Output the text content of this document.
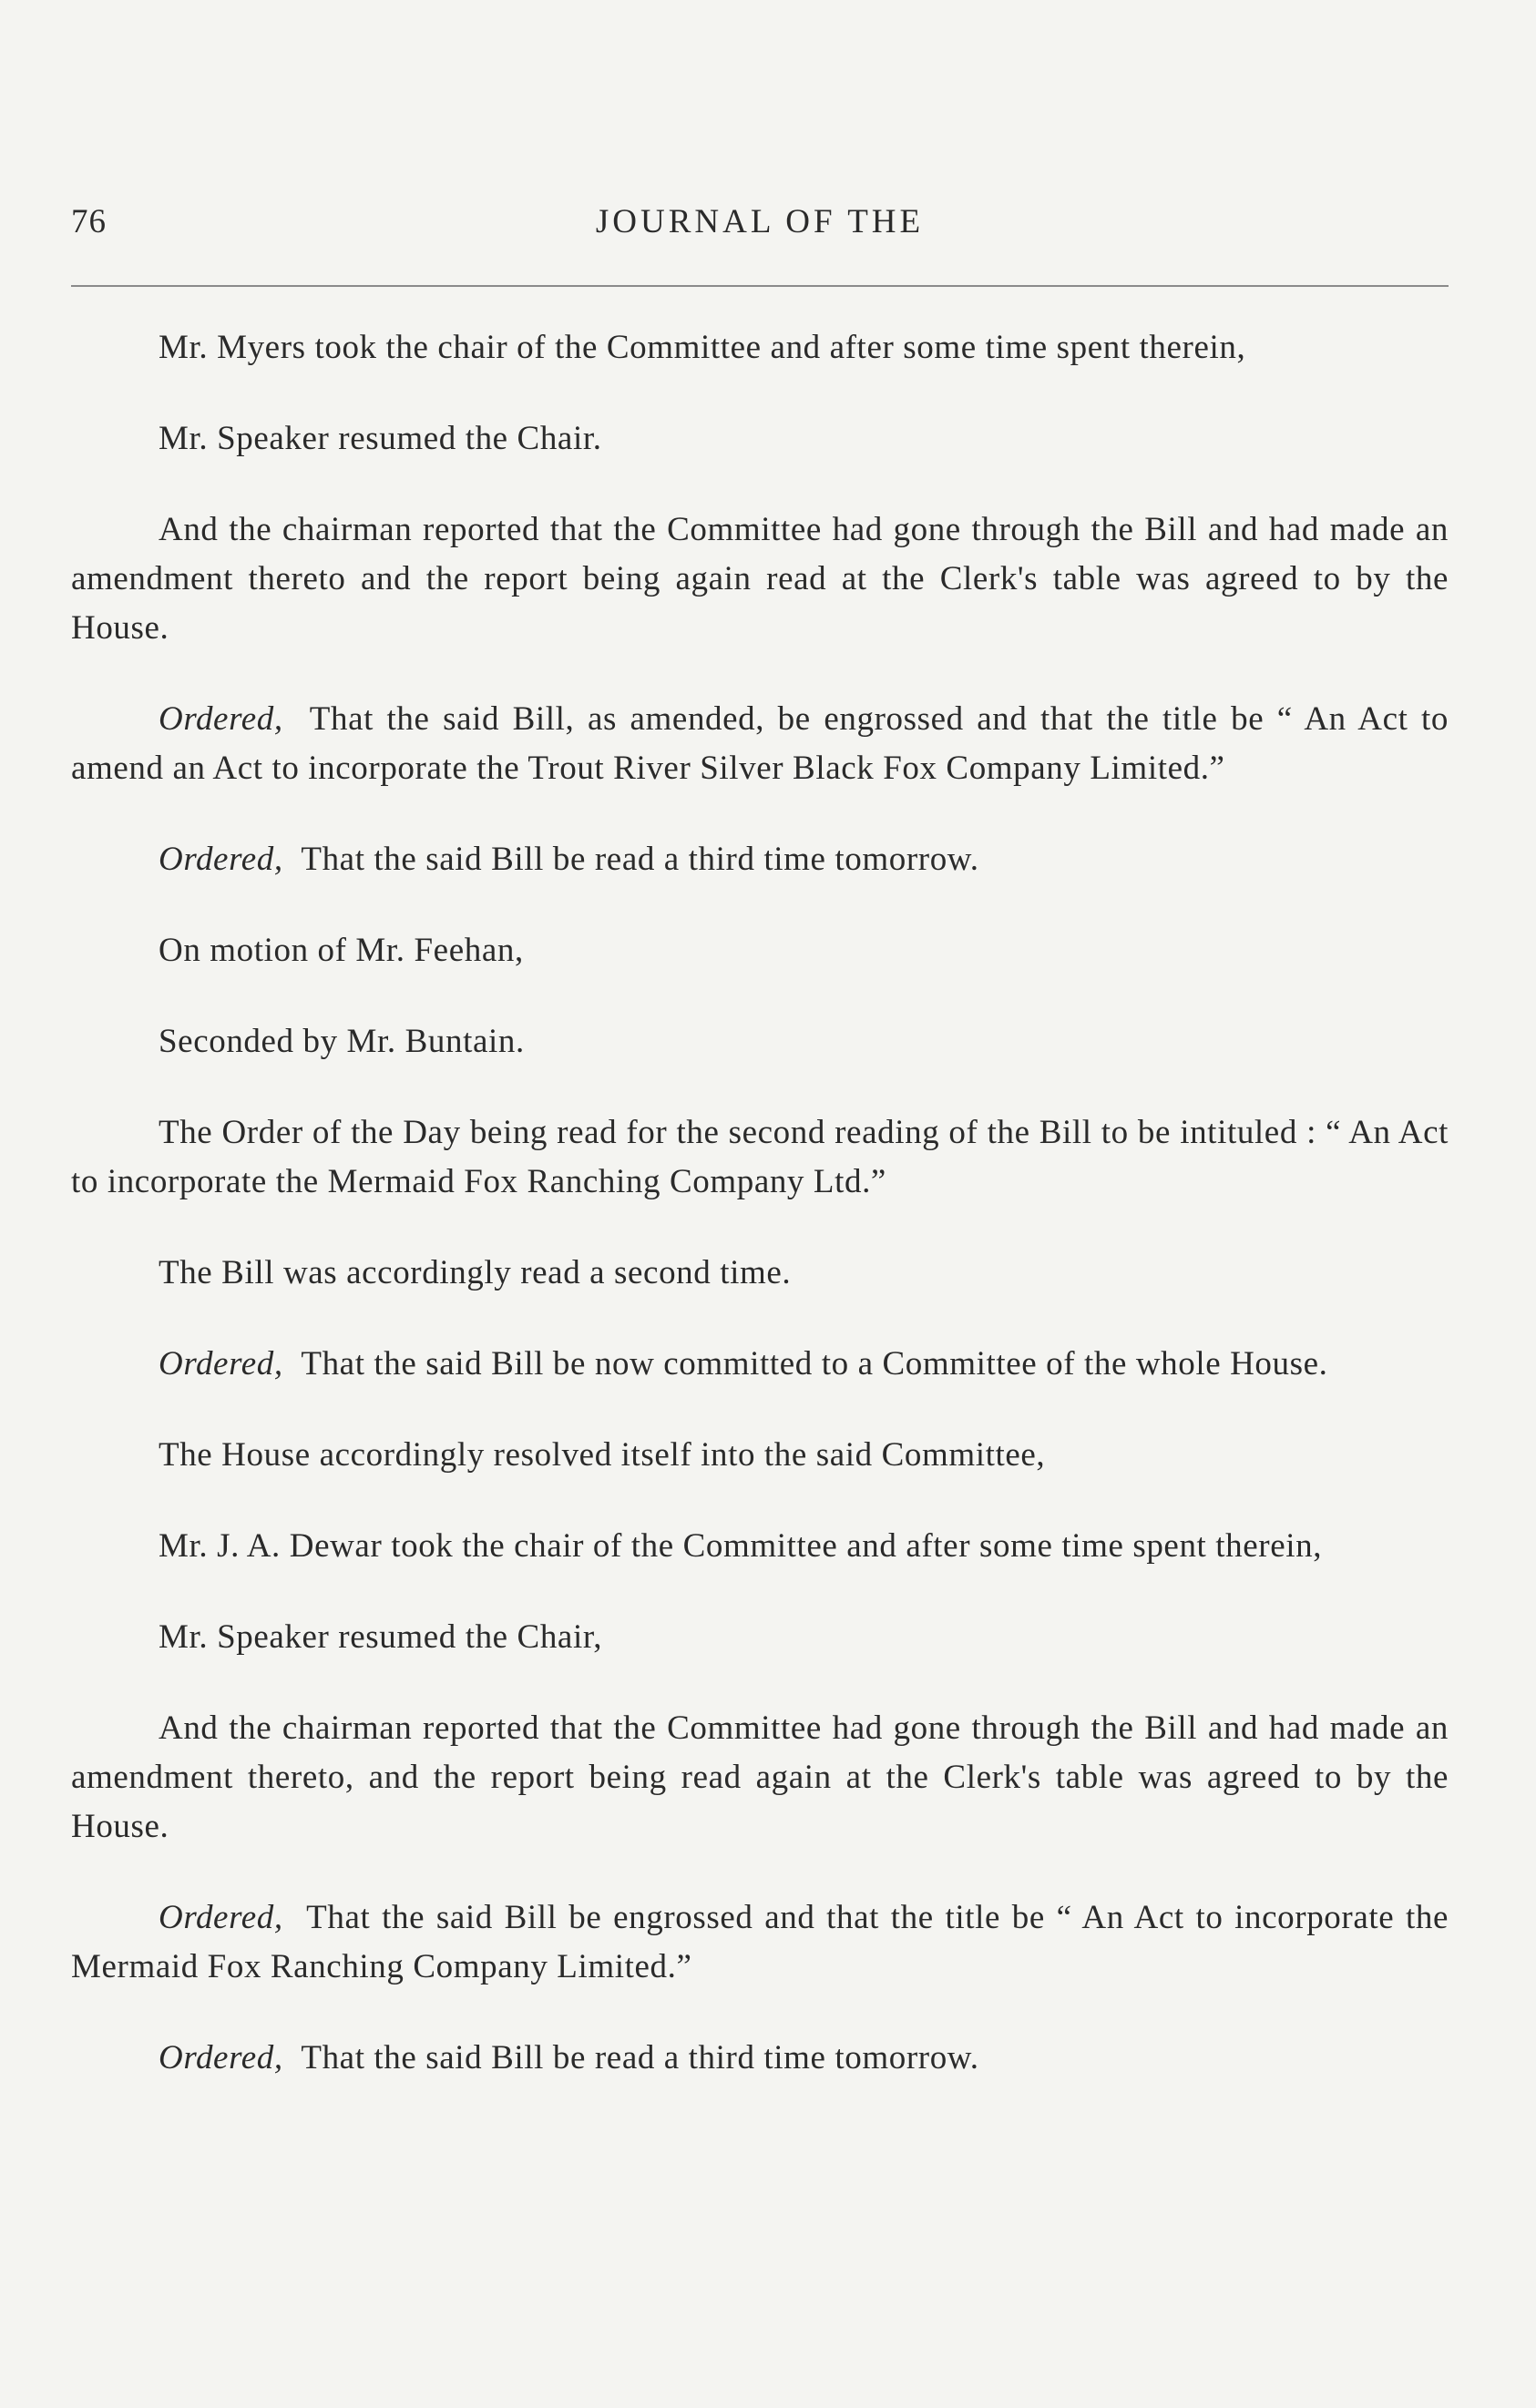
76	JOURNAL OF THE

Mr. Myers took the chair of the Committee and after some time spent therein,

Mr. Speaker resumed the Chair.

And the chairman reported that the Committee had gone through the Bill and had made an amendment thereto and the report being again read at the Clerk's table was agreed to by the House.

Ordered, That the said Bill, as amended, be engrossed and that the title be “ An Act to amend an Act to incorporate the Trout River Silver Black Fox Company Limited.”

Ordered, That the said Bill be read a third time tomorrow.

On motion of Mr. Feehan,

Seconded by Mr. Buntain.

The Order of the Day being read for the second reading of the Bill to be intituled : “ An Act to incorporate the Mermaid Fox Ranching Company Ltd.”

The Bill was accordingly read a second time.

Ordered, That the said Bill be now committed to a Committee of the whole House.

The House accordingly resolved itself into the said Committee,

Mr. J. A. Dewar took the chair of the Committee and after some time spent therein,

Mr. Speaker resumed the Chair,

And the chairman reported that the Committee had gone through the Bill and had made an amendment thereto, and the report being read again at the Clerk's table was agreed to by the House.

Ordered, That the said Bill be engrossed and that the title be “ An Act to incorporate the Mermaid Fox Ranching Company Limited.”

Ordered, That the said Bill be read a third time tomorrow.
